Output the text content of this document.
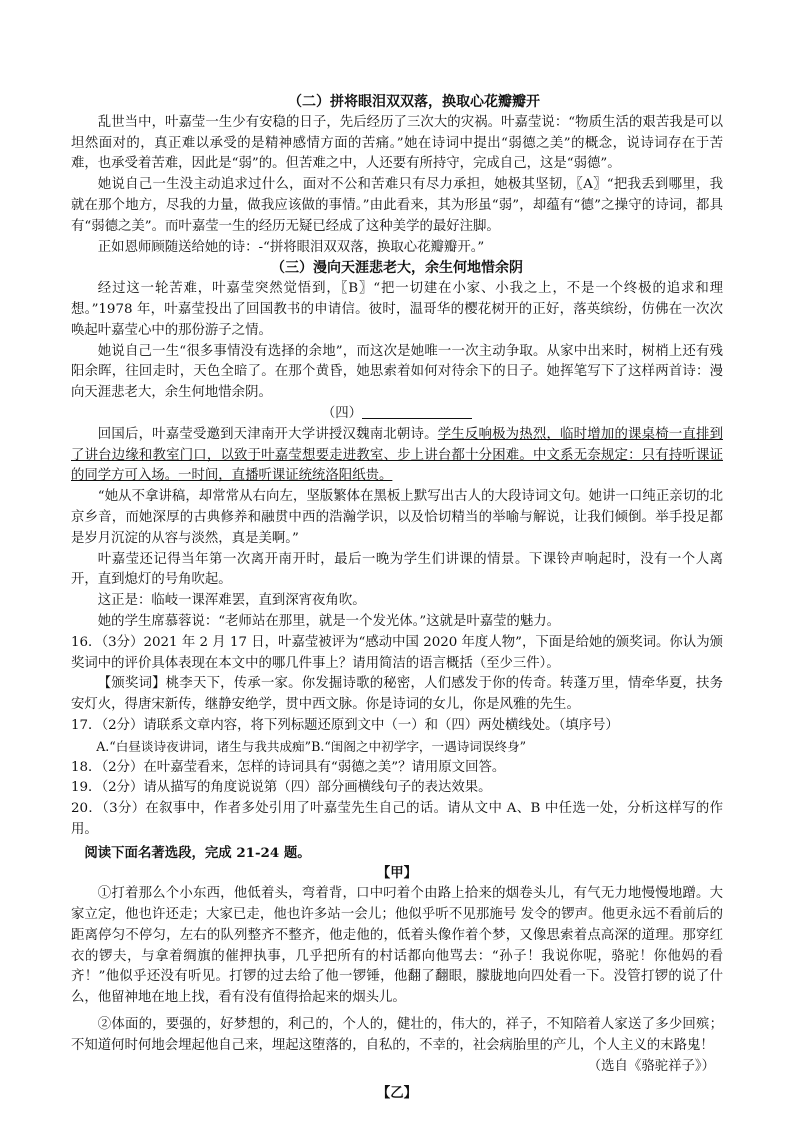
（二）拼将眼泪双双落，换取心花瓣瓣开

乱世当中，叶嘉莹一生少有安稳的日子，先后经历了三次大的灾祸。叶嘉莹说：“物质生活的艰苦我是可以坦然面对的，真正难以承受的是精神感情方面的苦痛。”她在诗词中提出“弱德之美”的概念，说诗词存在于苦难，也承受着苦难，因此是“弱”的。但苦难之中，人还要有所持守，完成自己，这是“弱德”。

她说自己一生没主动追求过什么，面对不公和苦难只有尽力承担，她极其坚韧，〖A〗“把我丢到哪里，我就在那个地方，尽我的力量，做我应该做的事情。”由此看来，其为形虽“弱”，却蕴有“德”之操守的诗词，都具有“弱德之美”。而叶嘉莹一生的经历无疑已经成了这种美学的最好注脚。

正如恩师顾随送给她的诗：-“拼将眼泪双双落，换取心花瓣瓣开。”

（三）漫向天涯悲老大，余生何地惜余阴

经过这一轮苦难，叶嘉莹突然觉悟到，〖B〗“把一切建在小家、小我之上，不是一个终极的追求和理想。”1978 年，叶嘉莹投出了回国教书的申请信。彼时，温哥华的樱花树开的正好，落英缤纷，仿佛在一次次唤起叶嘉莹心中的那份游子之情。

她说自己一生“很多事情没有选择的余地”，而这次是她唯一一次主动争取。从家中出来时，树梢上还有残阳余晖，往回走时，天色全暗了。在那个黄昏，她思索着如何对待余下的日子。她挥笔写下了这样两首诗：漫向天涯悲老大，余生何地惜余阴。

（四）

回国后，叶嘉莹受邀到天津南开大学讲授汉魏南北朝诗。学生反响极为热烈，临时增加的课桌椅一直排到了讲台边缘和教室门口，以致于叶嘉莹想要走进教室、步上讲台都十分困难。中文系无奈规定：只有持听课证的同学方可入场。一时间，直播听课证统统洛阳纸贵。

“她从不拿讲稿，却常常从右向左，坚版繁体在黑板上默写出古人的大段诗词文句。她讲一口纯正亲切的北京乡音，而她深厚的古典修养和融贯中西的浩瀚学识，以及恰切精当的举喻与解说，让我们倾倒。举手投足都是岁月沉淀的从容与淡然，真是美啊。”

叶嘉莹还记得当年第一次离开南开时，最后一晚为学生们讲课的情景。下课铃声响起时，没有一个人离开，直到熄灯的号角吹起。

这正是：临岐一课浑难罢，直到深宵夜角吹。

她的学生席慕蓉说：“老师站在那里，就是一个发光体。”这就是叶嘉莹的魅力。

16．（3分）2021 年 2 月 17 日，叶嘉莹被评为“感动中国 2020 年度人物”，下面是给她的颁奖词。你认为颁奖词中的评价具体表现在本文中的哪几件事上？请用简洁的语言概括（至少三件）。

【颁奖词】桃李天下，传承一家。你发掘诗歌的秘密，人们感发于你的传奇。转蓬万里，情牵华夏，扶务安灯火，得唐宋新传，继静安绝学，贯中西文脉。你是诗词的女儿，你是风雅的先生。

17．（2分）请联系文章内容，将下列标题还原到文中（一）和（四）两处横线处。（填序号）

A.“白昼谈诗夜讲词，诸生与我共成痴”B.“闺阁之中初学字，一遇诗词误终身”

18．（2分）在叶嘉莹看来，怎样的诗词具有“弱德之美”？请用原文回答。

19．（2分）请从描写的角度说说第（四）部分画横线句子的表达效果。

20．（3分）在叙事中，作者多处引用了叶嘉莹先生自己的话。请从文中 A、B 中任选一处，分析这样写的作用。

阅读下面名著选段，完成 21-24 题。

【甲】

①打着那么个小东西，他低着头，弯着背，口中叼着个由路上拾来的烟卷头儿，有气无力地慢慢地蹭。大家立定，他也许还走；大家已走，他也许多站一会儿；他似乎听不见那施号 发令的锣声。他更永远不看前后的距离停匀不停匀，左右的队列整齐不整齐，他走他的，低着头像作着个梦，又像思索着点高深的道理。那穿红衣的锣夫，与拿着绸旗的催押执事，几乎把所有的村话都向他骂去：“孙子！我说你呢，骆驼！你他妈的看齐！”他似乎还没有听见。打锣的过去给了他一锣锤，他翻了翻眼，朦胧地向四处看一下。没管打锣的说了什么，他留神地在地上找，看有没有值得拾起来的烟头儿。

②体面的，要强的，好梦想的，利己的，个人的，健壮的，伟大的，祥子，不知陪着人家送了多少回殡；不知道何时何地会埋起他自己来，埋起这堕落的，自私的，不幸的，社会病胎里的产儿，个人主义的末路鬼！

（选自《骆驼祥子》）

【乙】
